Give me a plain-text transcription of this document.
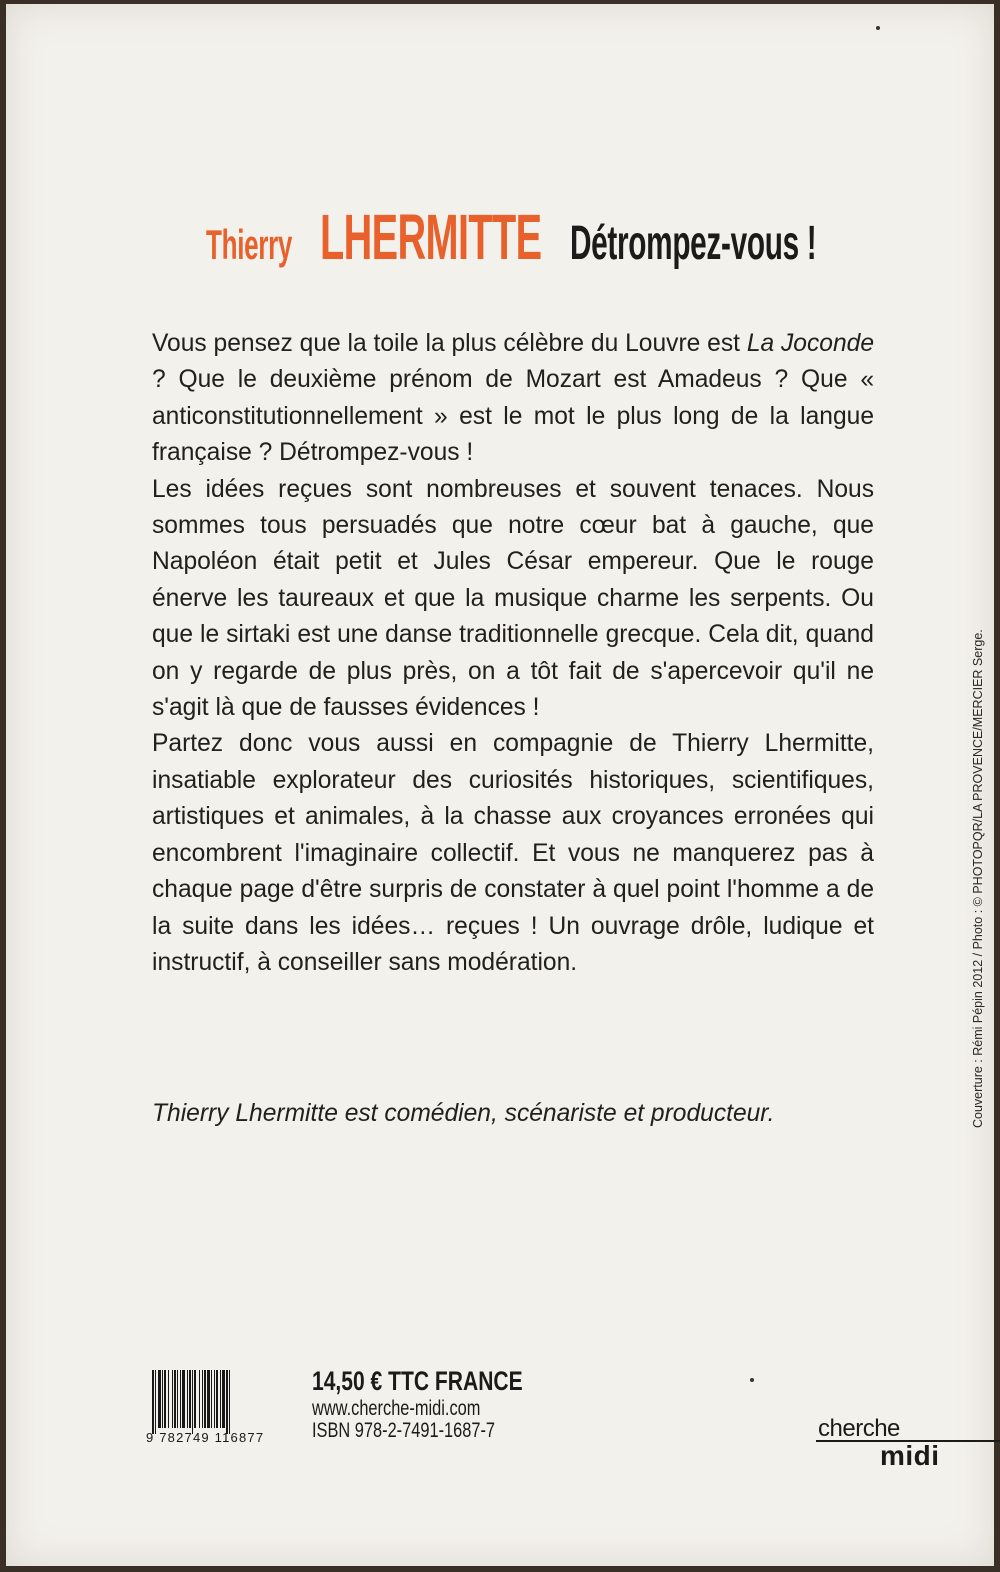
Thierry LHERMITTE Détrompez-vous !

Vous pensez que la toile la plus célèbre du Louvre est La Joconde ? Que le deuxième prénom de Mozart est Amadeus ? Que « anticonstitutionnellement » est le mot le plus long de la langue française ? Détrompez-vous !

Les idées reçues sont nombreuses et souvent tenaces. Nous sommes tous persuadés que notre cœur bat à gauche, que Napoléon était petit et Jules César empereur. Que le rouge énerve les taureaux et que la musique charme les serpents. Ou que le sirtaki est une danse traditionnelle grecque. Cela dit, quand on y regarde de plus près, on a tôt fait de s'apercevoir qu'il ne s'agit là que de fausses évidences !

Partez donc vous aussi en compagnie de Thierry Lhermitte, insatiable explorateur des curiosités historiques, scientifiques, artistiques et animales, à la chasse aux croyances erronées qui encombrent l'imaginaire collectif. Et vous ne manquerez pas à chaque page d'être surpris de constater à quel point l'homme a de la suite dans les idées… reçues ! Un ouvrage drôle, ludique et instructif, à conseiller sans modération.

Thierry Lhermitte est comédien, scénariste et producteur.	Couverture : Rémi Pépin 2012 / Photo : © PHOTOPQR/LA PROVENCE/MERCIER Serge.
9 782749 116877
14,50 € TTC FRANCE
www.cherche-midi.com
ISBN 978-2-7491-1687-7	cherche
midi
